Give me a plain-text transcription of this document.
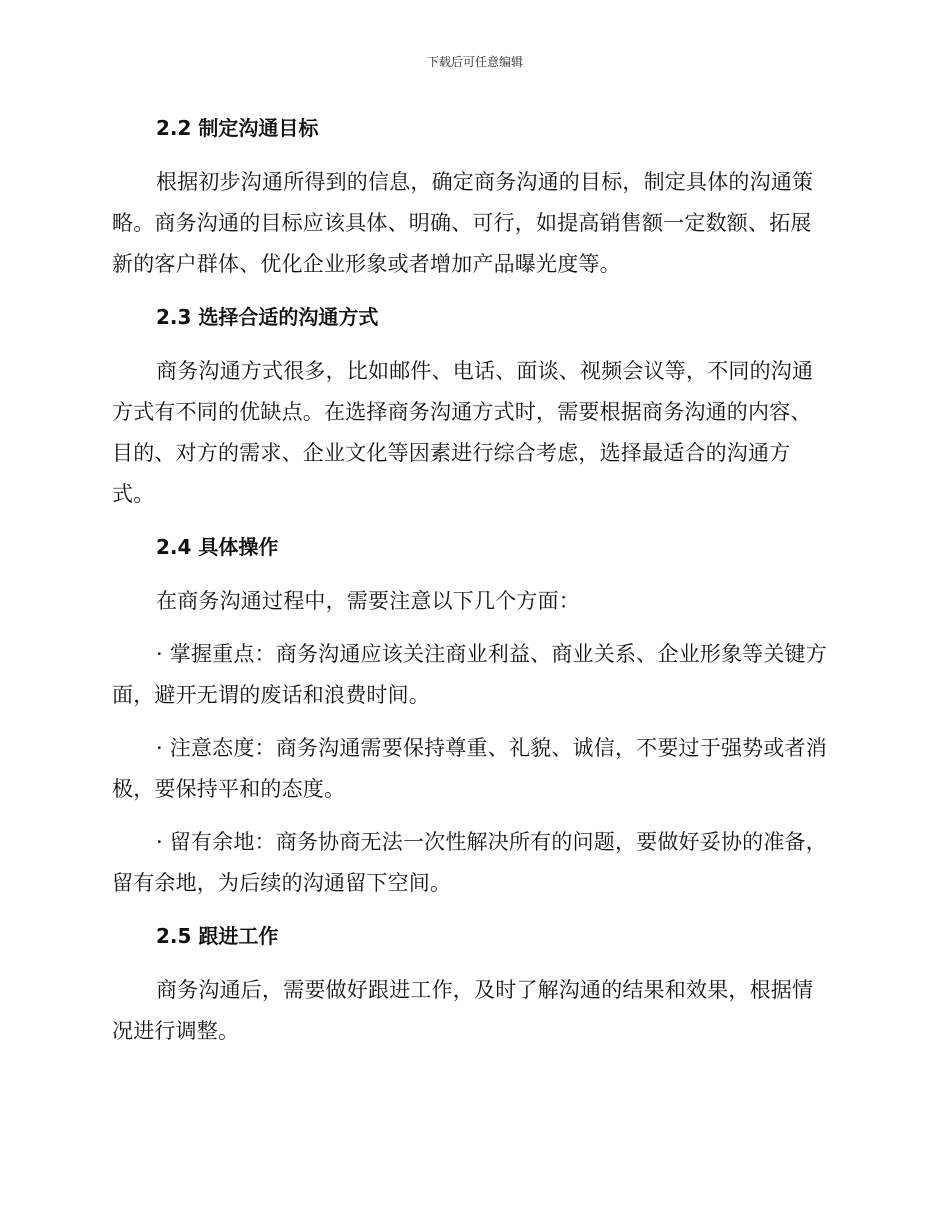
下载后可任意编辑
2.2 制定沟通目标

根据初步沟通所得到的信息，确定商务沟通的目标，制定具体的沟通策略。商务沟通的目标应该具体、明确、可行，如提高销售额一定数额、拓展新的客户群体、优化企业形象或者增加产品曝光度等。

2.3 选择合适的沟通方式

商务沟通方式很多，比如邮件、电话、面谈、视频会议等，不同的沟通方式有不同的优缺点。在选择商务沟通方式时，需要根据商务沟通的内容、目的、对方的需求、企业文化等因素进行综合考虑，选择最适合的沟通方式。

2.4 具体操作

在商务沟通过程中，需要注意以下几个方面：

· 掌握重点：商务沟通应该关注商业利益、商业关系、企业形象等关键方面，避开无谓的废话和浪费时间。

· 注意态度：商务沟通需要保持尊重、礼貌、诚信，不要过于强势或者消极，要保持平和的态度。

· 留有余地：商务协商无法一次性解决所有的问题，要做好妥协的准备，留有余地，为后续的沟通留下空间。

2.5 跟进工作

商务沟通后，需要做好跟进工作，及时了解沟通的结果和效果，根据情况进行调整。
